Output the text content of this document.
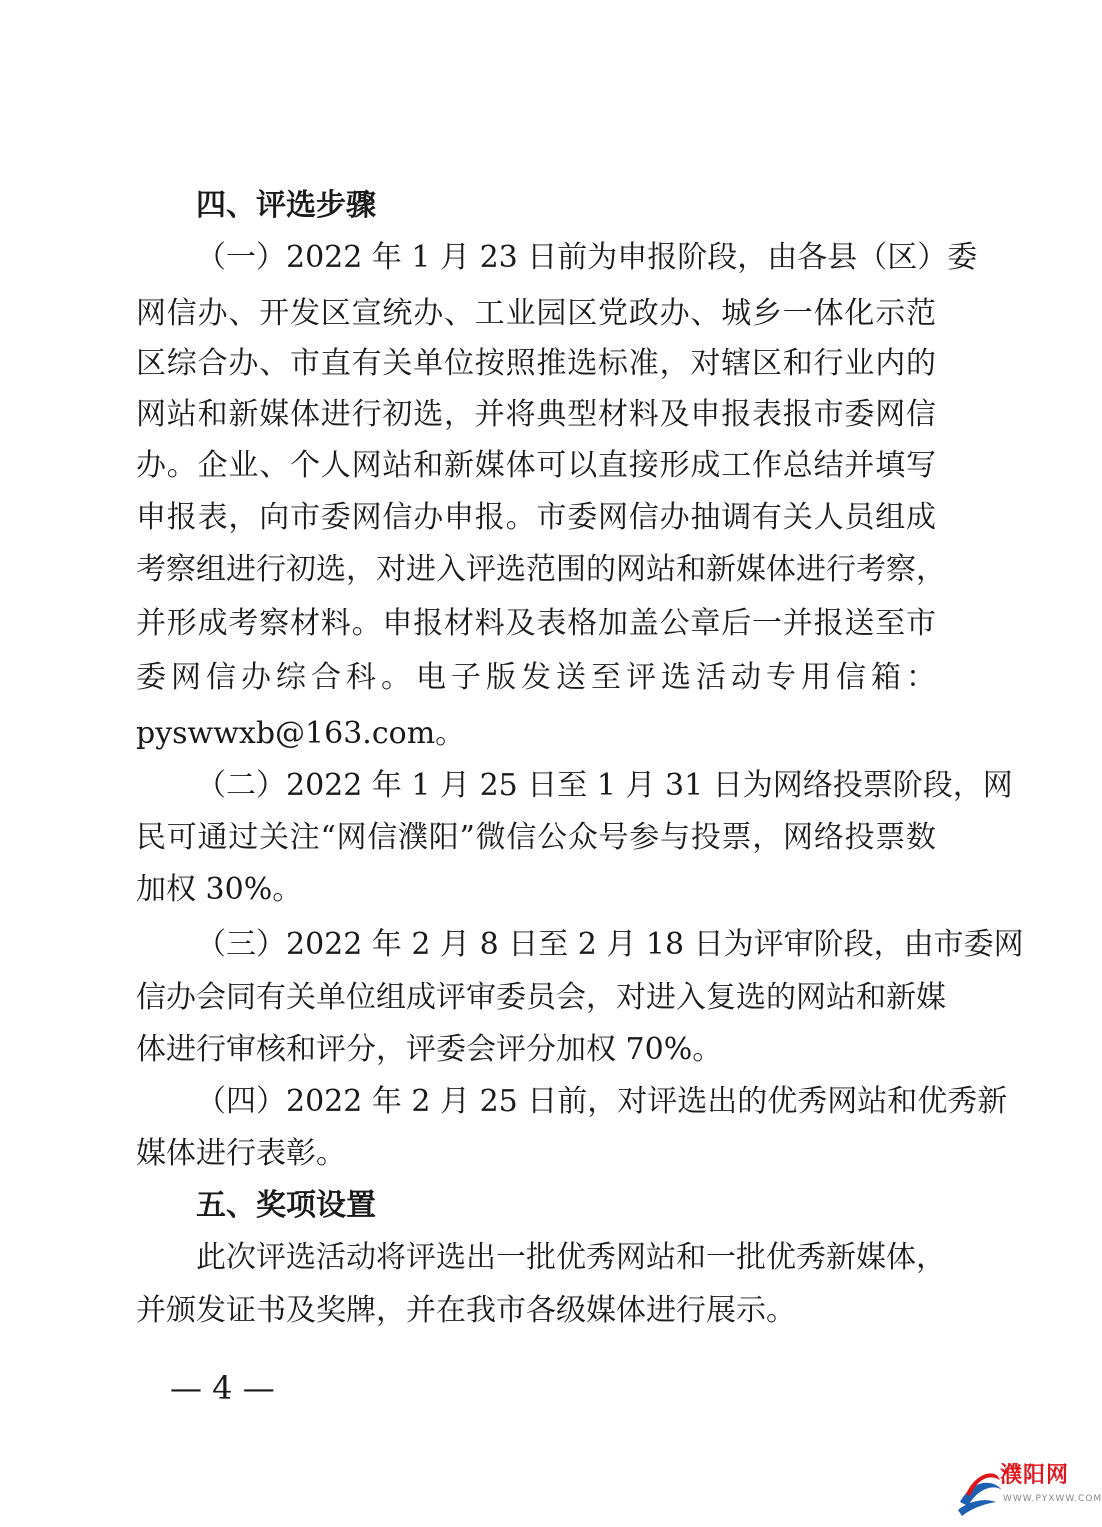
四、评选步骤
（一）2022 年 1 月 23 日前为申报阶段，由各县（区）委
网信办、开发区宣统办、工业园区党政办、城乡一体化示范
区综合办、市直有关单位按照推选标准，对辖区和行业内的
网站和新媒体进行初选，并将典型材料及申报表报市委网信
办。企业、个人网站和新媒体可以直接形成工作总结并填写
申报表，向市委网信办申报。市委网信办抽调有关人员组成
考察组进行初选，对进入评选范围的网站和新媒体进行考察，
并形成考察材料。申报材料及表格加盖公章后一并报送至市
委网信办综合科。电子版发送至评选活动专用信箱：
pyswwxb@163.com。
（二）2022 年 1 月 25 日至 1 月 31 日为网络投票阶段，网
民可通过关注“网信濮阳”微信公众号参与投票，网络投票数
加权 30%。
（三）2022 年 2 月 8 日至 2 月 18 日为评审阶段，由市委网
信办会同有关单位组成评审委员会，对进入复选的网站和新媒
体进行审核和评分，评委会评分加权 70%。
（四）2022 年 2 月 25 日前，对评选出的优秀网站和优秀新
媒体进行表彰。
五、奖项设置
此次评选活动将评选出一批优秀网站和一批优秀新媒体，
并颁发证书及奖牌，并在我市各级媒体进行展示。
— 4 —
濮阳网
WWW.PYXWW.COM
